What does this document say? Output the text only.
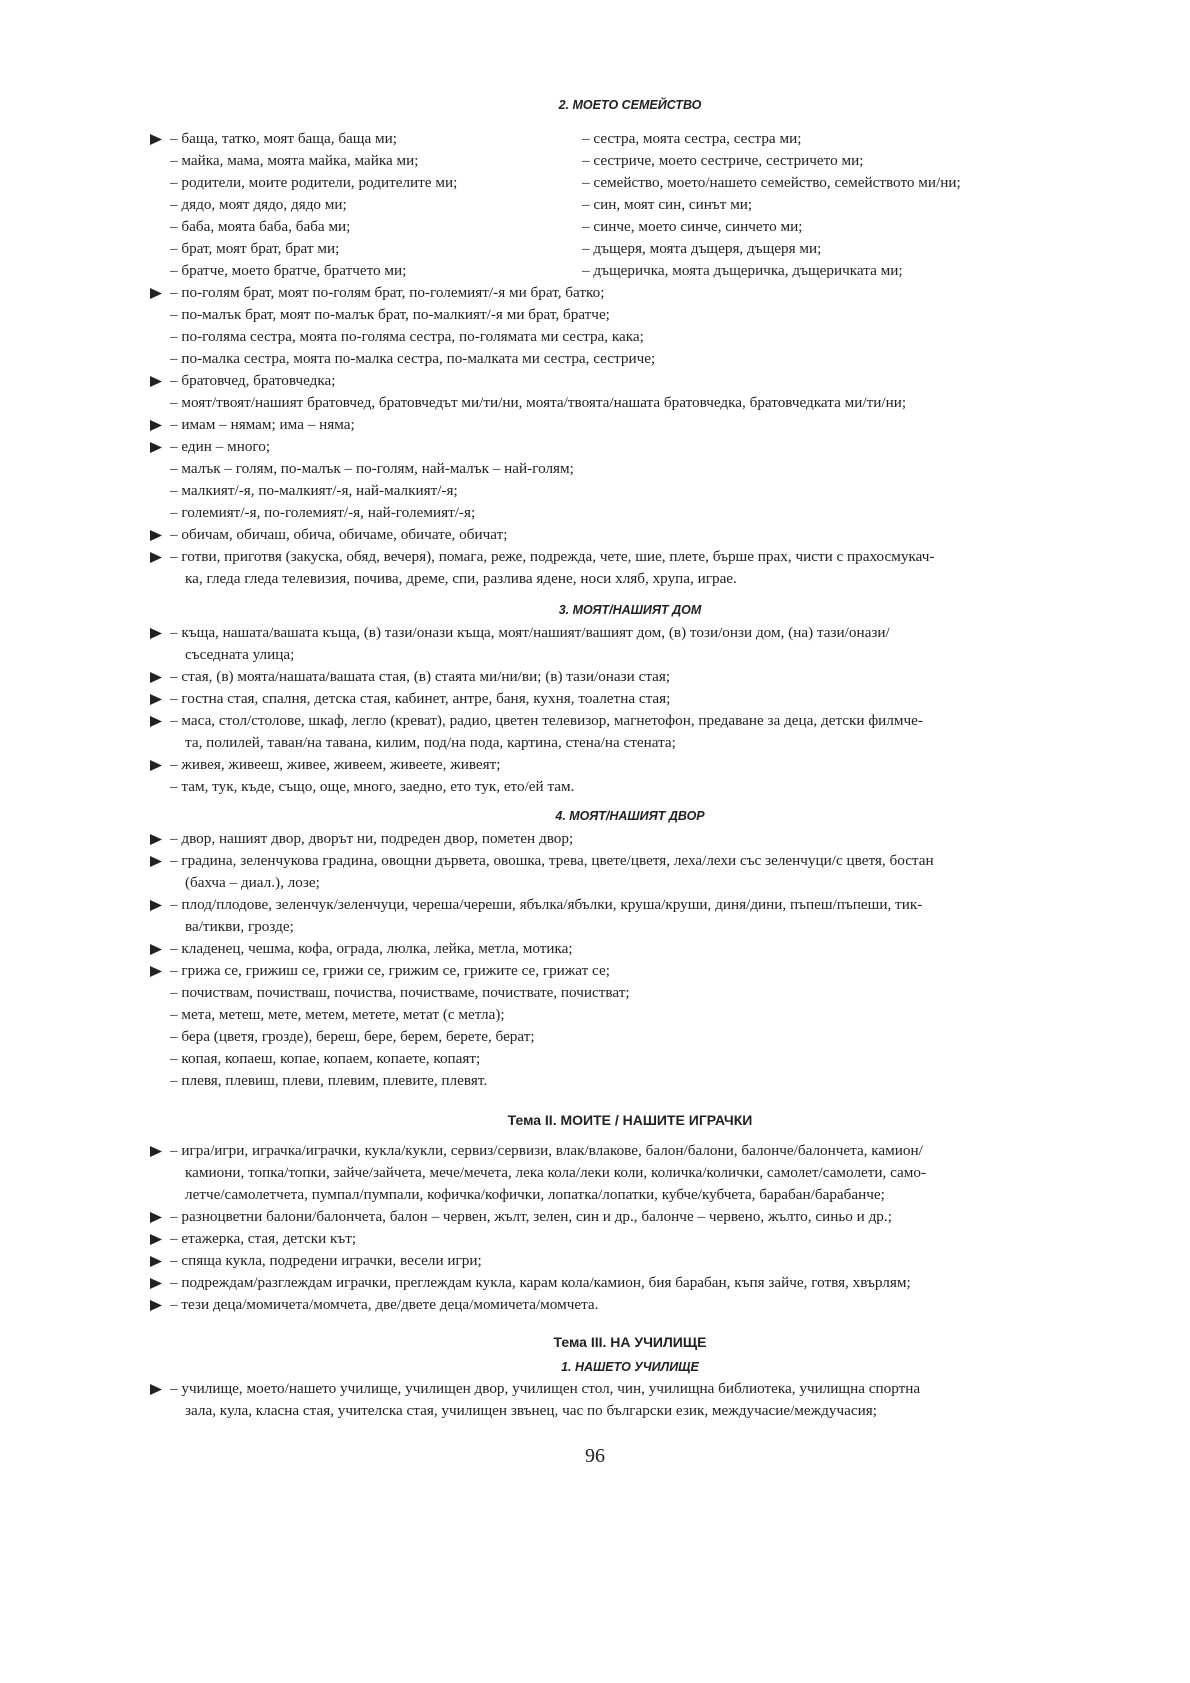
2. МОЕТО СЕМЕЙСТВО
– баща, татко, моят баща, баща ми;
– майка, мама, моята майка, майка ми;
– родители, моите родители, родителите ми;
– дядо, моят дядо, дядо ми;
– баба, моята баба, баба ми;
– брат, моят брат, брат ми;
– братче, моето братче, братчето ми;
– сестра, моята сестра, сестра ми;
– сестриче, моето сестриче, сестричето ми;
– семейство, моето/нашето семейство, семейството ми/ни;
– син, моят син, синът ми;
– синче, моето синче, синчето ми;
– дъщеря, моята дъщеря, дъщеря ми;
– дъщеричка, моята дъщеричка, дъщеричката ми;
– по-голям брат, моят по-голям брат, по-големият/-я ми брат, батко;
– по-малък брат, моят по-малък брат, по-малкият/-я ми брат, братче;
– по-голяма сестра, моята по-голяма сестра, по-голямата ми сестра, кака;
– по-малка сестра, моята по-малка сестра, по-малката ми сестра, сестриче;
– братовчед, братовчедка;
– моят/твоят/нашият братовчед, братовчедът ми/ти/ни, моята/твоята/нашата братовчедка, братовчедката ми/ти/ни;
– имам – нямам; има – няма;
– един – много;
– малък – голям, по-малък – по-голям, най-малък – най-голям;
– малкият/-я, по-малкият/-я, най-малкият/-я;
– големият/-я, по-големият/-я, най-големият/-я;
– обичам, обичаш, обича, обичаме, обичате, обичат;
– готви, приготвя (закуска, обяд, вечеря), помага, реже, подрежда, чете, шие, плете, бърше прах, чисти с прахосмукач-
ка, гледа гледа телевизия, почива, дреме, спи, разлива ядене, носи хляб, хрупа, играе.
3. МОЯТ/НАШИЯТ ДОМ
– къща, нашата/вашата къща, (в) тази/онази къща, моят/нашият/вашият дом, (в) този/онзи дом, (на) тази/онази/
съседната улица;
– стая, (в) моята/нашата/вашата стая, (в) стаята ми/ни/ви; (в) тази/онази стая;
– гостна стая, спалня, детска стая, кабинет, антре, баня, кухня, тоалетна стая;
– маса, стол/столове, шкаф, легло (креват), радио, цветен телевизор, магнетофон, предаване за деца, детски филмче-
та, полилей, таван/на тавана, килим, под/на пода, картина, стена/на стената;
– живея, живееш, живее, живеем, живеете, живеят;
– там, тук, къде, също, още, много, заедно, ето тук, ето/ей там.
4. МОЯТ/НАШИЯТ ДВОР
– двор, нашият двор, дворът ни, подреден двор, пометен двор;
– градина, зеленчукова градина, овощни дървета, овошка, трева, цвете/цветя, леха/лехи със зеленчуци/с цветя, бостан
(бахча – диал.), лозе;
– плод/плодове, зеленчук/зеленчуци, череша/череши, ябълка/ябълки, круша/круши, диня/дини, пъпеш/пъпеши, тик-
ва/тикви, грозде;
– кладенец, чешма, кофа, ограда, люлка, лейка, метла, мотика;
– грижа се, грижиш се, грижи се, грижим се, грижите се, грижат се;
– почиствам, почистваш, почиства, почистваме, почиствате, почистват;
– мета, метеш, мете, метем, метете, метат (с метла);
– бера (цветя, грозде), береш, бере, берем, берете, берат;
– копая, копаеш, копае, копаем, копаете, копаят;
– плевя, плевиш, плеви, плевим, плевите, плевят.
Тема II. МОИТЕ / НАШИТЕ ИГРАЧКИ
– игра/игри, играчка/играчки, кукла/кукли, сервиз/сервизи, влак/влакове, балон/балони, балонче/балончета, камион/
камиони, топка/топки, зайче/зайчета, мече/мечета, лека кола/леки коли, количка/колички, самолет/самолети, само-
летче/самолетчета, пумпал/пумпали, кофичка/кофички, лопатка/лопатки, кубче/кубчета, барабан/барабанче;
– разноцветни балони/балончета, балон – червен, жълт, зелен, син и др., балонче – червено, жълто, синьо и др.;
– етажерка, стая, детски кът;
– спяща кукла, подредени играчки, весели игри;
– подреждам/разглеждам играчки, преглеждам кукла, карам кола/камион, бия барабан, къпя зайче, готвя, хвърлям;
– тези деца/момичета/момчета, две/двете деца/момичета/момчета.
Тема III. НА УЧИЛИЩЕ
1. НАШЕТО УЧИЛИЩЕ
– училище, моето/нашето училище, училищен двор, училищен стол, чин, училищна библиотека, училищна спортна
зала, кула, класна стая, учителска стая, училищен звънец, час по български език, междучасие/междучасия;
96
